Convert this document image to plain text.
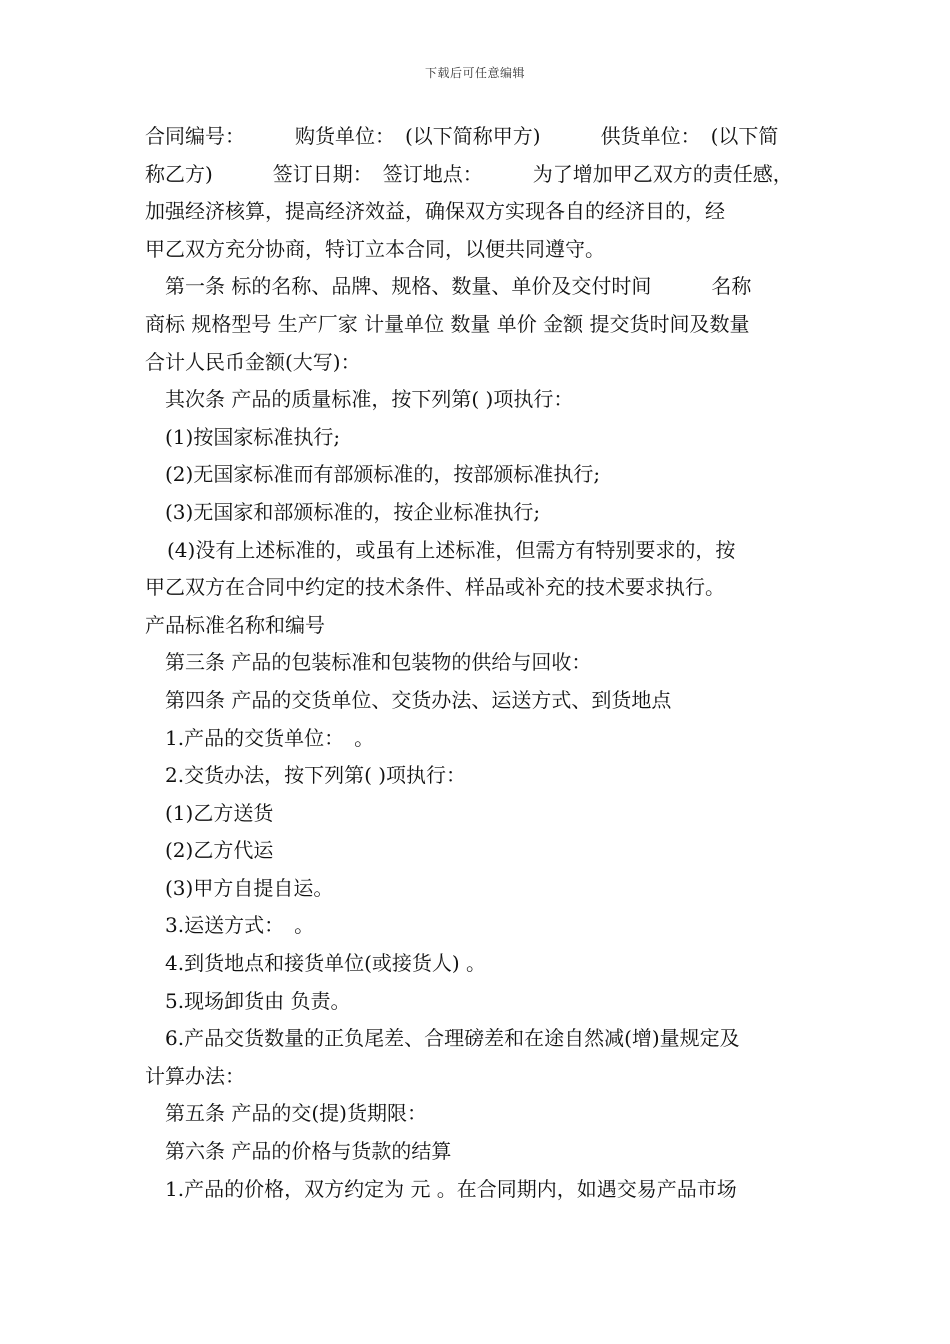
下载后可任意编辑
合同编号：　　　购货单位：　(以下简称甲方)　　　供货单位：　(以下简
称乙方)　　　签订日期：　签订地点：　　　为了增加甲乙双方的责任感，
加强经济核算，提高经济效益，确保双方实现各自的经济目的，经
甲乙双方充分协商，特订立本合同，以便共同遵守。
第一条 标的名称、品牌、规格、数量、单价及交付时间　　　名称
商标 规格型号 生产厂家 计量单位 数量 单价 金额 提交货时间及数量
合计人民币金额(大写)：
其次条 产品的质量标准，按下列第( )项执行：
(1)按国家标准执行;
(2)无国家标准而有部颁标准的，按部颁标准执行;
(3)无国家和部颁标准的，按企业标准执行;
(4)没有上述标准的，或虽有上述标准，但需方有特别要求的，按
甲乙双方在合同中约定的技术条件、样品或补充的技术要求执行。
产品标准名称和编号
第三条 产品的包装标准和包装物的供给与回收：
第四条 产品的交货单位、交货办法、运送方式、到货地点
1.产品的交货单位：　。
2.交货办法，按下列第( )项执行：
(1)乙方送货
(2)乙方代运
(3)甲方自提自运。
3.运送方式：　。
4.到货地点和接货单位(或接货人) 。
5.现场卸货由 负责。
6.产品交货数量的正负尾差、合理磅差和在途自然减(增)量规定及
计算办法：
第五条 产品的交(提)货期限：
第六条 产品的价格与货款的结算
1.产品的价格，双方约定为 元 。在合同期内，如遇交易产品市场
